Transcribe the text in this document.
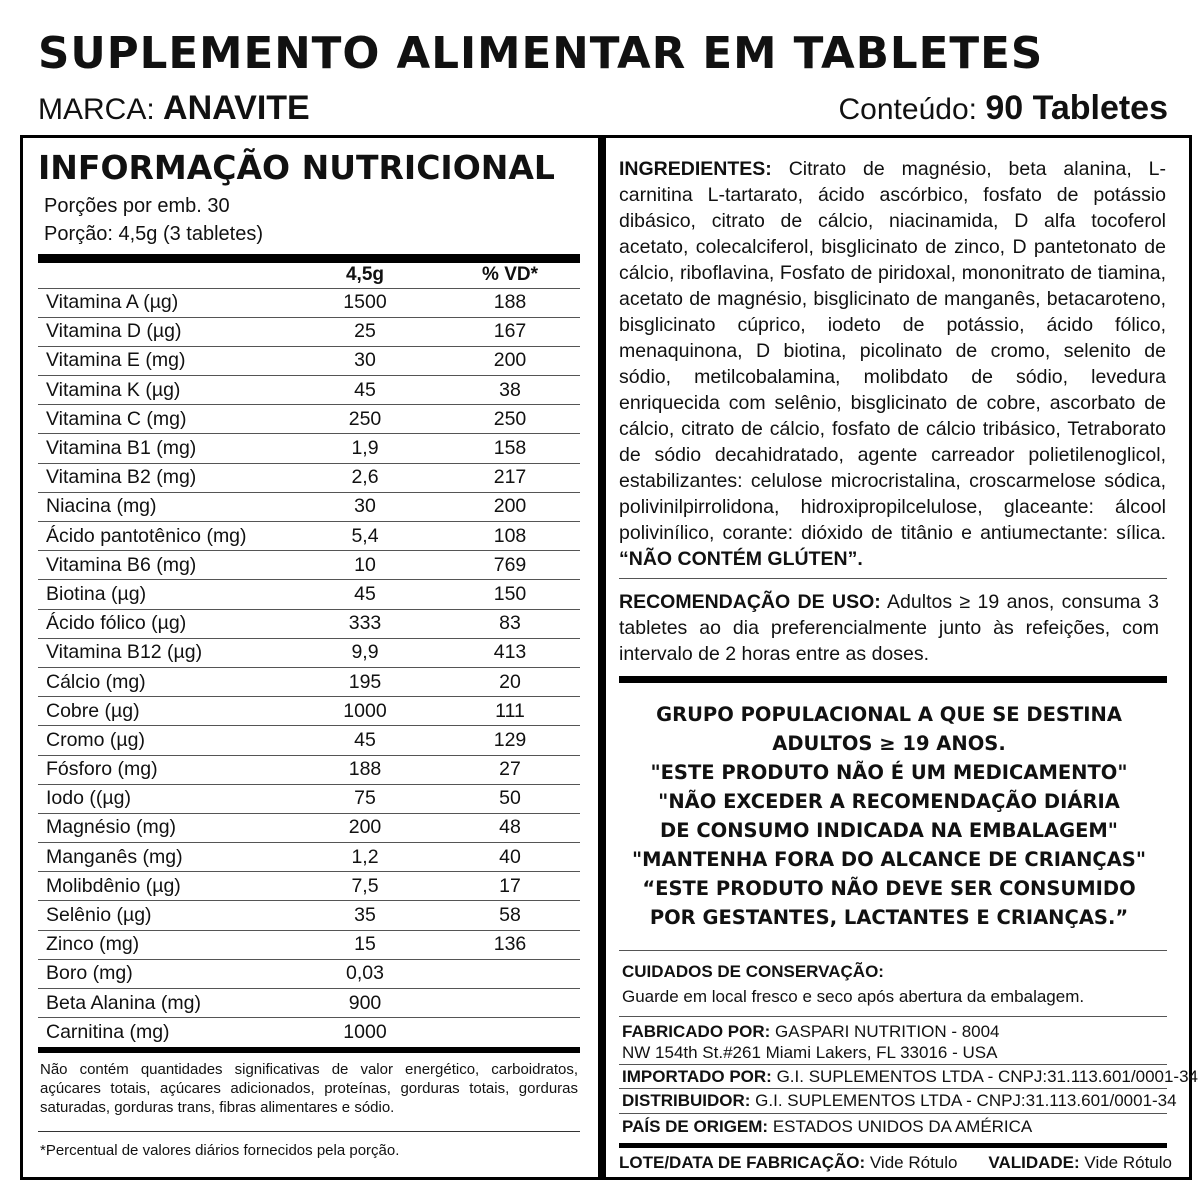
SUPLEMENTO ALIMENTAR EM TABLETES
MARCA: ANAVITE	Conteúdo: 90 Tabletes
INFORMAÇÃO NUTRICIONAL
Porções por emb. 30
Porção: 4,5g (3 tabletes)
	4,5g	% VD*
Vitamina A (µg)	1500	188
Vitamina D (µg)	25	167
Vitamina E (mg)	30	200
Vitamina K (µg)	45	38
Vitamina C (mg)	250	250
Vitamina B1 (mg)	1,9	158
Vitamina B2 (mg)	2,6	217
Niacina (mg)	30	200
Ácido pantotênico (mg)	5,4	108
Vitamina B6 (mg)	10	769
Biotina (µg)	45	150
Ácido fólico (µg)	333	83
Vitamina B12 (µg)	9,9	413
Cálcio (mg)	195	20
Cobre (µg)	1000	111
Cromo (µg)	45	129
Fósforo (mg)	188	27
Iodo ((µg)	75	50
Magnésio (mg)	200	48
Manganês (mg)	1,2	40
Molibdênio (µg)	7,5	17
Selênio (µg)	35	58
Zinco (mg)	15	136
Boro (mg)	0,03	
Beta Alanina (mg)	900	
Carnitina (mg)	1000	
Não contém quantidades significativas de valor energético, carboidratos, açúcares totais, açúcares adicionados, proteínas, gorduras totais, gorduras saturadas, gorduras trans, fibras alimentares e sódio.
*Percentual de valores diários fornecidos pela porção.
INGREDIENTES: Citrato de magnésio, beta alanina, L-carnitina L-tartarato, ácido ascórbico, fosfato de potássio dibásico, citrato de cálcio, niacinamida, D alfa tocoferol acetato, colecalciferol, bisglicinato de zinco, D pantetonato de cálcio, riboflavina, Fosfato de piridoxal, mononitrato de tiamina, acetato de magnésio, bisglicinato de manganês, betacaroteno, bisglicinato cúprico, iodeto de potássio, ácido fólico, menaquinona, D biotina, picolinato de cromo, selenito de sódio, metilcobalamina, molibdato de sódio, levedura enriquecida com selênio, bisglicinato de cobre, ascorbato de cálcio, citrato de cálcio, fosfato de cálcio tribásico, Tetraborato de sódio decahidratado, agente carreador polietilenoglicol, estabilizantes: celulose microcristalina, croscarmelose sódica, polivinilpirrolidona, hidroxipropilcelulose, glaceante: álcool polivinílico, corante: dióxido de titânio e antiumectante: sílica. “NÃO CONTÉM GLÚTEN”.
RECOMENDAÇÃO DE USO: Adultos ≥ 19 anos, consuma 3 tabletes ao dia preferencialmente junto às refeições, com intervalo de 2 horas entre as doses.
GRUPO POPULACIONAL A QUE SE DESTINA
ADULTOS ≥ 19 ANOS.
"ESTE PRODUTO NÃO É UM MEDICAMENTO"
"NÃO EXCEDER A RECOMENDAÇÃO DIÁRIA
DE CONSUMO INDICADA NA EMBALAGEM"
"MANTENHA FORA DO ALCANCE DE CRIANÇAS"
“ESTE PRODUTO NÃO DEVE SER CONSUMIDO
POR GESTANTES, LACTANTES E CRIANÇAS.”
CUIDADOS DE CONSERVAÇÃO:
Guarde em local fresco e seco após abertura da embalagem.
FABRICADO POR: GASPARI NUTRITION - 8004
NW 154th St.#261 Miami Lakers, FL 33016 - USA
IMPORTADO POR: G.I. SUPLEMENTOS LTDA - CNPJ:31.113.601/0001-34
DISTRIBUIDOR: G.I. SUPLEMENTOS LTDA - CNPJ:31.113.601/0001-34
PAÍS DE ORIGEM: ESTADOS UNIDOS DA AMÉRICA
LOTE/DATA DE FABRICAÇÃO: Vide Rótulo VALIDADE: Vide Rótulo
